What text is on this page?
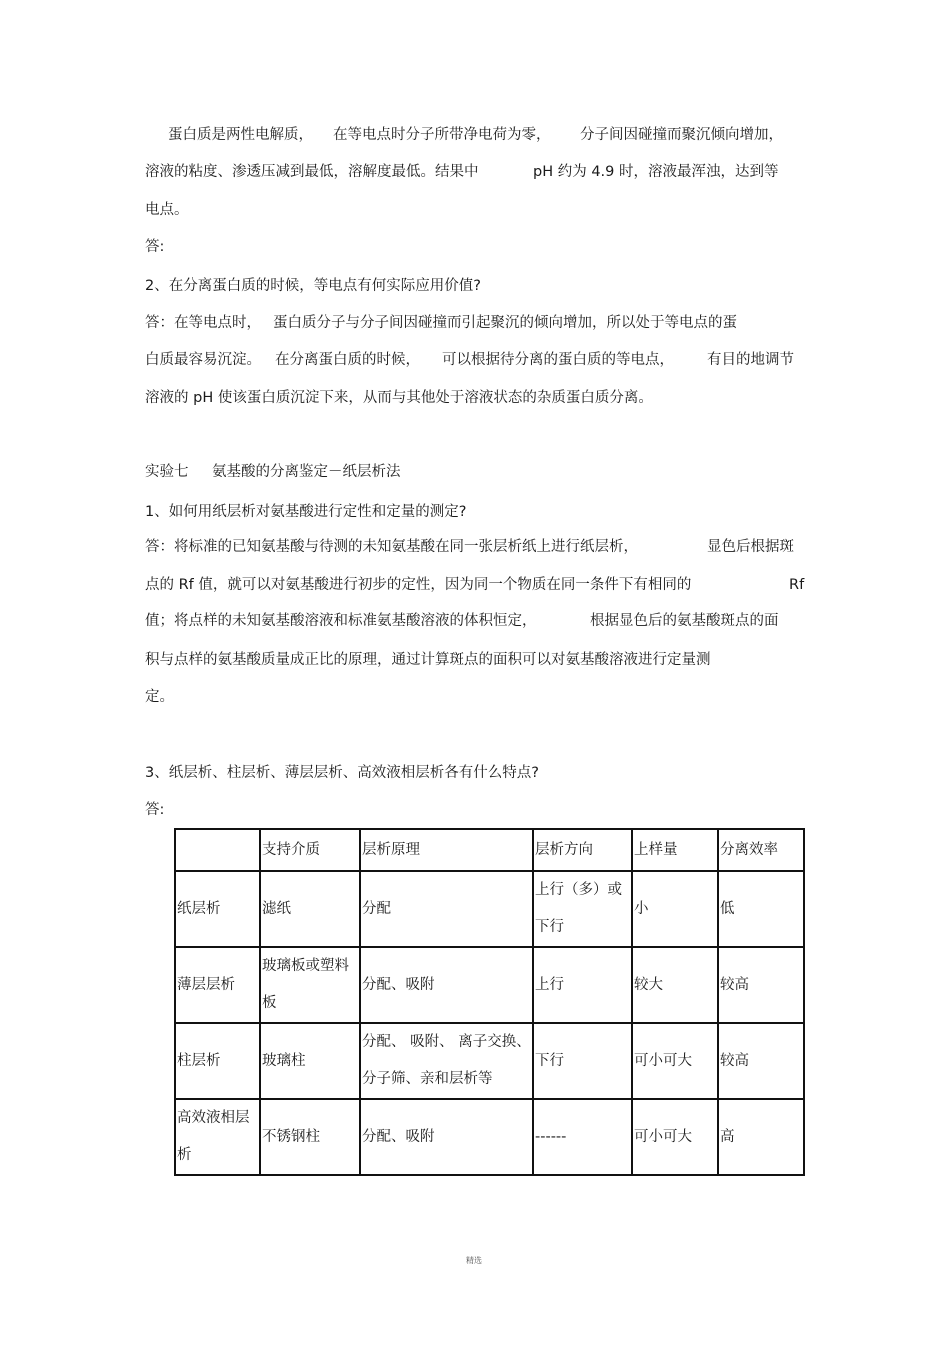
蛋白质是两性电解质， 在等电点时分子所带净电荷为零， 分子间因碰撞而聚沉倾向增加，
溶液的粘度、渗透压减到最低，溶解度最低。结果中	pH 约为 4.9 时，溶液最浑浊，达到等
电点。
答:
2、在分离蛋白质的时候，等电点有何实际应用价值?
答：在等电点时， 蛋白质分子与分子间因碰撞而引起聚沉的倾向增加，所以处于等电点的蛋
白质最容易沉淀。 在分离蛋白质的时候， 可以根据待分离的蛋白质的等电点， 有目的地调节
溶液的 pH 使该蛋白质沉淀下来，从而与其他处于溶液状态的杂质蛋白质分离。
实验七 氨基酸的分离鉴定－纸层析法
1、如何用纸层析对氨基酸进行定性和定量的测定?
答：将标准的已知氨基酸与待测的未知氨基酸在同一张层析纸上进行纸层析，	显色后根据斑
点的 Rf 值，就可以对氨基酸进行初步的定性，因为同一个物质在同一条件下有相同的	Rf
值；将点样的未知氨基酸溶液和标准氨基酸溶液的体积恒定，	根据显色后的氨基酸斑点的面
积与点样的氨基酸质量成正比的原理，通过计算斑点的面积可以对氨基酸溶液进行定量测
定。
3、纸层析、柱层析、薄层层析、高效液相层析各有什么特点?
答:
	支持介质	层析原理	层析方向	上样量	分离效率
纸层析	滤纸	分配	上行（多）或下行	小	低
薄层层析	玻璃板或塑料板	分配、吸附	上行	较大	较高
柱层析	玻璃柱	分配、 吸附、 离子交换、分子筛、亲和层析等	下行	可小可大	较高
高效液相层析	不锈钢柱	分配、吸附	------	可小可大	高
精选
